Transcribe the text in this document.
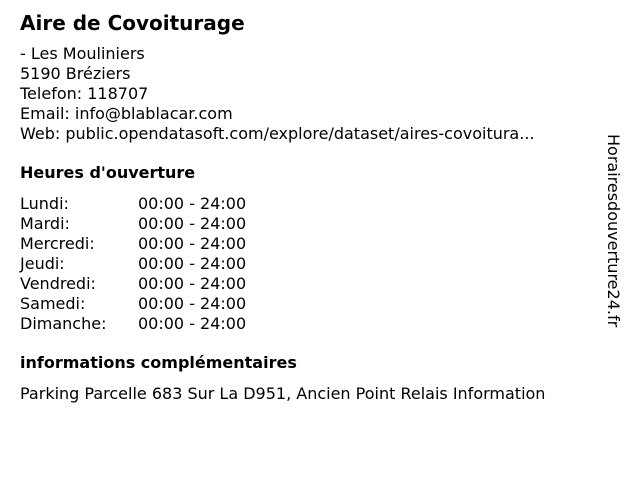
Aire de Covoiturage
- Les Mouliniers
5190 Bréziers
Telefon: 118707
Email: info@blablacar.com
Web: public.opendatasoft.com/explore/dataset/aires-covoitura...
Heures d'ouverture
Lundi:	00:00 - 24:00
Mardi:	00:00 - 24:00
Mercredi:	00:00 - 24:00
Jeudi:	00:00 - 24:00
Vendredi:	00:00 - 24:00
Samedi:	00:00 - 24:00
Dimanche: 00:00 - 24:00
informations complémentaires
Parking Parcelle 683 Sur La D951, Ancien Point Relais Information
Horairesdouverture24.fr
